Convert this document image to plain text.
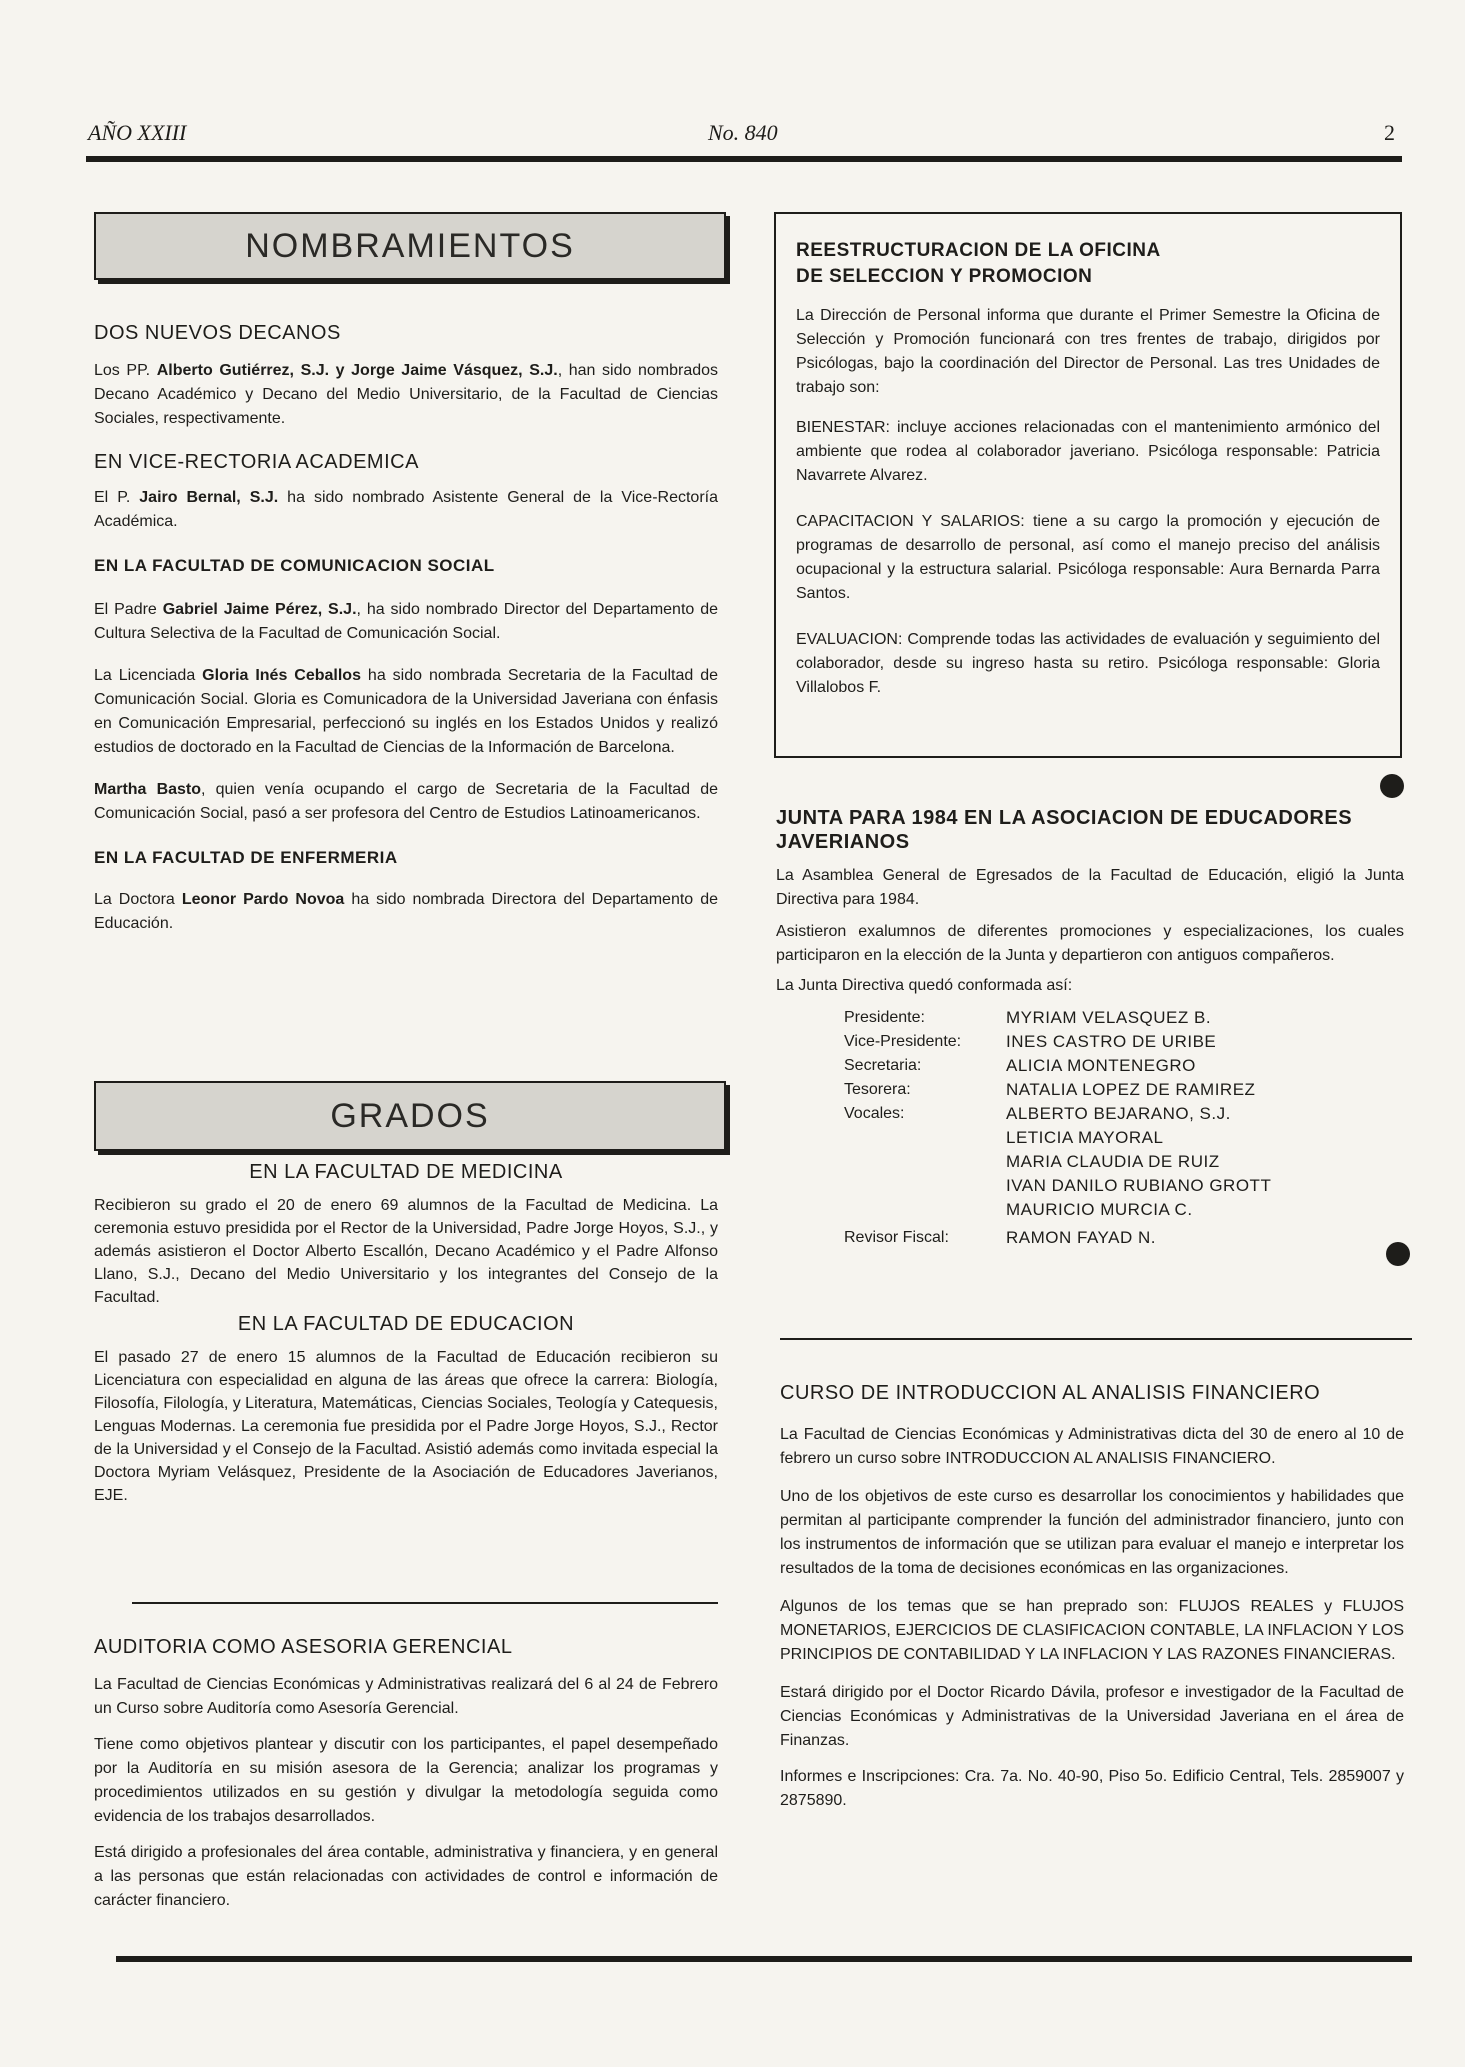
AÑO XXIII	No. 840	2
NOMBRAMIENTOS
DOS NUEVOS DECANOS

Los PP. Alberto Gutiérrez, S.J. y Jorge Jaime Vásquez, S.J., han sido nombrados Decano Académico y Decano del Medio Universitario, de la Facultad de Ciencias Sociales, respectivamente.

EN VICE-RECTORIA ACADEMICA

El P. Jairo Bernal, S.J. ha sido nombrado Asistente General de la Vice-Rectoría Académica.

EN LA FACULTAD DE COMUNICACION SOCIAL

El Padre Gabriel Jaime Pérez, S.J., ha sido nombrado Director del Departamento de Cultura Selectiva de la Facultad de Comunicación Social.

La Licenciada Gloria Inés Ceballos ha sido nombrada Secretaria de la Facultad de Comunicación Social. Gloria es Comunicadora de la Universidad Javeriana con énfasis en Comunicación Empresarial, perfeccionó su inglés en los Estados Unidos y realizó estudios de doctorado en la Facultad de Ciencias de la Información de Barcelona.

Martha Basto, quien venía ocupando el cargo de Secretaria de la Facultad de Comunicación Social, pasó a ser profesora del Centro de Estudios Latinoamericanos.

EN LA FACULTAD DE ENFERMERIA

La Doctora Leonor Pardo Novoa ha sido nombrada Directora del Departamento de Educación.

GRADOS
EN LA FACULTAD DE MEDICINA

Recibieron su grado el 20 de enero 69 alumnos de la Facultad de Medicina. La ceremonia estuvo presidida por el Rector de la Universidad, Padre Jorge Hoyos, S.J., y además asistieron el Doctor Alberto Escallón, Decano Académico y el Padre Alfonso Llano, S.J., Decano del Medio Universitario y los integrantes del Consejo de la Facultad.

EN LA FACULTAD DE EDUCACION

El pasado 27 de enero 15 alumnos de la Facultad de Educación recibieron su Licenciatura con especialidad en alguna de las áreas que ofrece la carrera: Biología, Filosofía, Filología, y Literatura, Matemáticas, Ciencias Sociales, Teología y Catequesis, Lenguas Modernas. La ceremonia fue presidida por el Padre Jorge Hoyos, S.J., Rector de la Universidad y el Consejo de la Facultad. Asistió además como invitada especial la Doctora Myriam Velásquez, Presidente de la Asociación de Educadores Javerianos, EJE.

AUDITORIA COMO ASESORIA GERENCIAL

La Facultad de Ciencias Económicas y Administrativas realizará del 6 al 24 de Febrero un Curso sobre Auditoría como Asesoría Gerencial.

Tiene como objetivos plantear y discutir con los participantes, el papel desempeñado por la Auditoría en su misión asesora de la Gerencia; analizar los programas y procedimientos utilizados en su gestión y divulgar la metodología seguida como evidencia de los trabajos desarrollados.

Está dirigido a profesionales del área contable, administrativa y financiera, y en general a las personas que están relacionadas con actividades de control e información de carácter financiero.

REESTRUCTURACION DE LA OFICINA
DE SELECCION Y PROMOCION

La Dirección de Personal informa que durante el Primer Semestre la Oficina de Selección y Promoción funcionará con tres frentes de trabajo, dirigidos por Psicólogas, bajo la coordinación del Director de Personal. Las tres Unidades de trabajo son:

BIENESTAR: incluye acciones relacionadas con el mantenimiento armónico del ambiente que rodea al colaborador javeriano. Psicóloga responsable: Patricia Navarrete Alvarez.

CAPACITACION Y SALARIOS: tiene a su cargo la promoción y ejecución de programas de desarrollo de personal, así como el manejo preciso del análisis ocupacional y la estructura salarial. Psicóloga responsable: Aura Bernarda Parra Santos.

EVALUACION: Comprende todas las actividades de evaluación y seguimiento del colaborador, desde su ingreso hasta su retiro. Psicóloga responsable: Gloria Villalobos F.

JUNTA PARA 1984 EN LA ASOCIACION DE EDUCADORES JAVERIANOS

La Asamblea General de Egresados de la Facultad de Educación, eligió la Junta Directiva para 1984.

Asistieron exalumnos de diferentes promociones y especializaciones, los cuales participaron en la elección de la Junta y departieron con antiguos compañeros.

La Junta Directiva quedó conformada así:

Presidente:	MYRIAM VELASQUEZ B.
Vice-Presidente:	INES CASTRO DE URIBE
Secretaria:	ALICIA MONTENEGRO
Tesorera:	NATALIA LOPEZ DE RAMIREZ
Vocales:	ALBERTO BEJARANO, S.J.
	LETICIA MAYORAL
	MARIA CLAUDIA DE RUIZ
	IVAN DANILO RUBIANO GROTT
	MAURICIO MURCIA C.
Revisor Fiscal:	RAMON FAYAD N.
CURSO DE INTRODUCCION AL ANALISIS FINANCIERO

La Facultad de Ciencias Económicas y Administrativas dicta del 30 de enero al 10 de febrero un curso sobre INTRODUCCION AL ANALISIS FINANCIERO.

Uno de los objetivos de este curso es desarrollar los conocimientos y habilidades que permitan al participante comprender la función del administrador financiero, junto con los instrumentos de información que se utilizan para evaluar el manejo e interpretar los resultados de la toma de decisiones económicas en las organizaciones.

Algunos de los temas que se han preprado son: FLUJOS REALES y FLUJOS MONETARIOS, EJERCICIOS DE CLASIFICACION CONTABLE, LA INFLACION Y LOS PRINCIPIOS DE CONTABILIDAD Y LA INFLACION Y LAS RAZONES FINANCIERAS.

Estará dirigido por el Doctor Ricardo Dávila, profesor e investigador de la Facultad de Ciencias Económicas y Administrativas de la Universidad Javeriana en el área de Finanzas.

Informes e Inscripciones: Cra. 7a. No. 40-90, Piso 5o. Edificio Central, Tels. 2859007 y 2875890.
